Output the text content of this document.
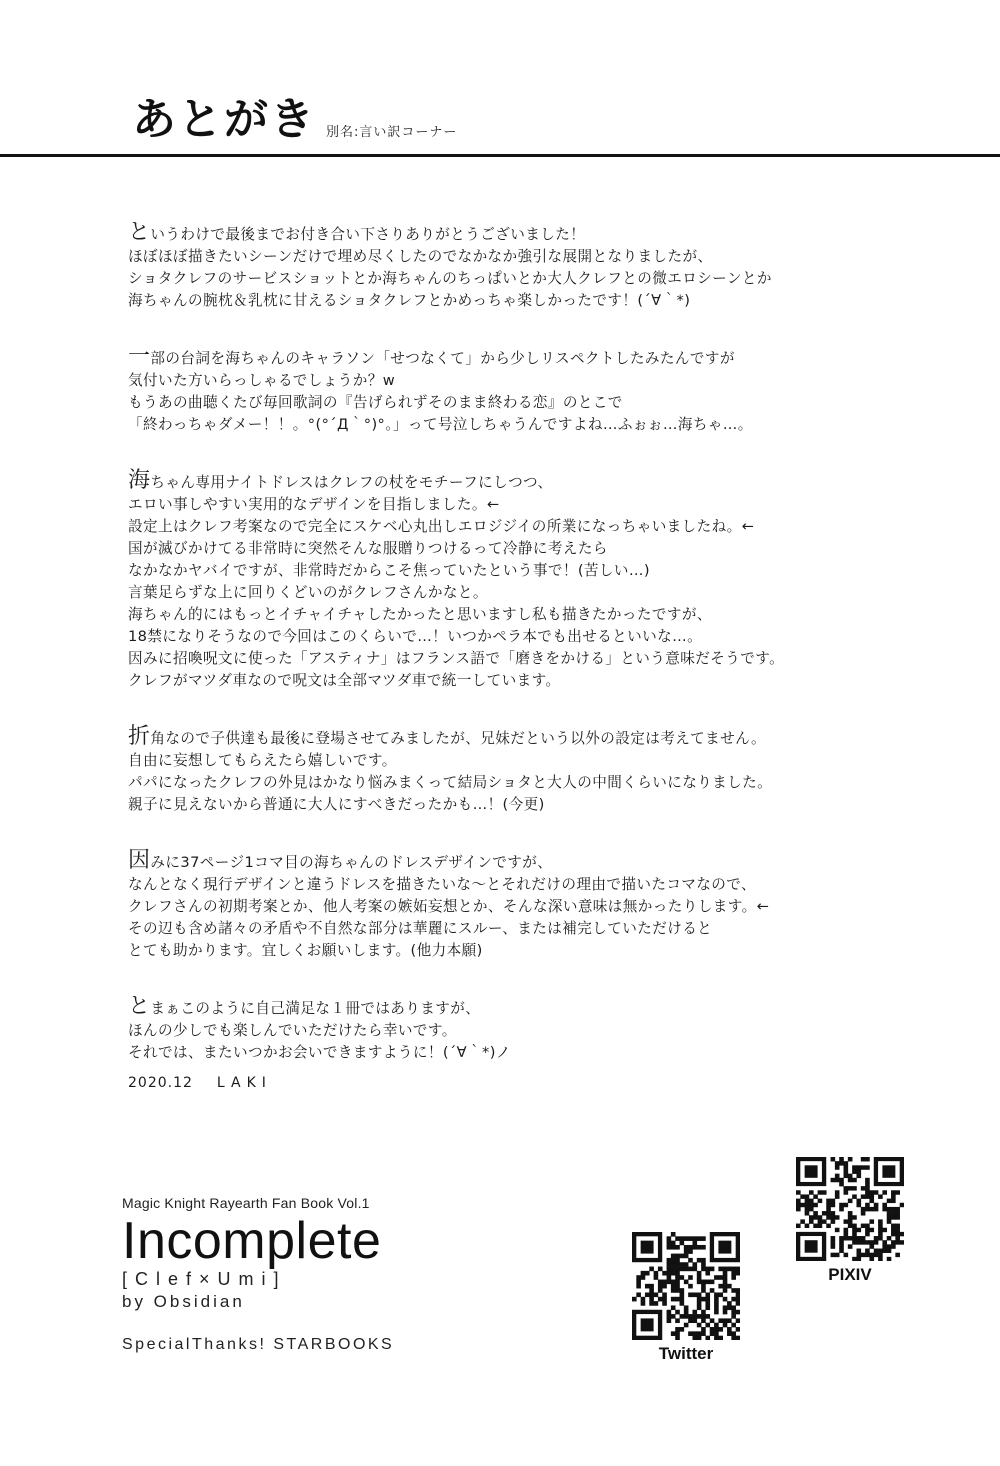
あとがき 別名:言い訳コーナー
というわけで最後までお付き合い下さりありがとうございました！
ほぼほぼ描きたいシーンだけで埋め尽くしたのでなかなか強引な展開となりましたが、
ショタクレフのサービスショットとか海ちゃんのちっぱいとか大人クレフとの微エロシーンとか
海ちゃんの腕枕＆乳枕に甘えるショタクレフとかめっちゃ楽しかったです！(´∀｀*)
一部の台詞を海ちゃんのキャラソン「せつなくて」から少しリスペクトしたみたんですが
気付いた方いらっしゃるでしょうか？w
もうあの曲聴くたび毎回歌詞の『告げられずそのまま終わる恋』のとこで
「終わっちゃダメー！！。°(°´Д｀°)°。」って号泣しちゃうんですよね…ふぉぉ…海ちゃ…。
海ちゃん専用ナイトドレスはクレフの杖をモチーフにしつつ、
エロい事しやすい実用的なデザインを目指しました。←
設定上はクレフ考案なので完全にスケベ心丸出しエロジジイの所業になっちゃいましたね。←
国が滅びかけてる非常時に突然そんな服贈りつけるって冷静に考えたら
なかなかヤバイですが、非常時だからこそ焦っていたという事で！(苦しい…)
言葉足らずな上に回りくどいのがクレフさんかなと。
海ちゃん的にはもっとイチャイチャしたかったと思いますし私も描きたかったですが、
18禁になりそうなので今回はこのくらいで…！いつかペラ本でも出せるといいな…。
因みに招喚呪文に使った「アスティナ」はフランス語で「磨きをかける」という意味だそうです。
クレフがマツダ車なので呪文は全部マツダ車で統一しています。
折角なので子供達も最後に登場させてみましたが、兄妹だという以外の設定は考えてません。
自由に妄想してもらえたら嬉しいです。
パパになったクレフの外見はかなり悩みまくって結局ショタと大人の中間くらいになりました。
親子に見えないから普通に大人にすべきだったかも…！(今更)
因みに37ページ1コマ目の海ちゃんのドレスデザインですが、
なんとなく現行デザインと違うドレスを描きたいな～とそれだけの理由で描いたコマなので、
クレフさんの初期考案とか、他人考案の嫉妬妄想とか、そんな深い意味は無かったりします。←
その辺も含め諸々の矛盾や不自然な部分は華麗にスルー、または補完していただけると
とても助かります。宜しくお願いします。(他力本願)
とまぁこのように自己満足な１冊ではありますが、
ほんの少しでも楽しんでいただけたら幸いです。
それでは、またいつかお会いできますように！(´∀｀*)ノ
2020.12 LAKI
Magic Knight Rayearth Fan Book Vol.1
Incomplete
[Clef×Umi]
by Obsidian
SpecialThanks! STARBOOKS	Twitter
PIXIV
